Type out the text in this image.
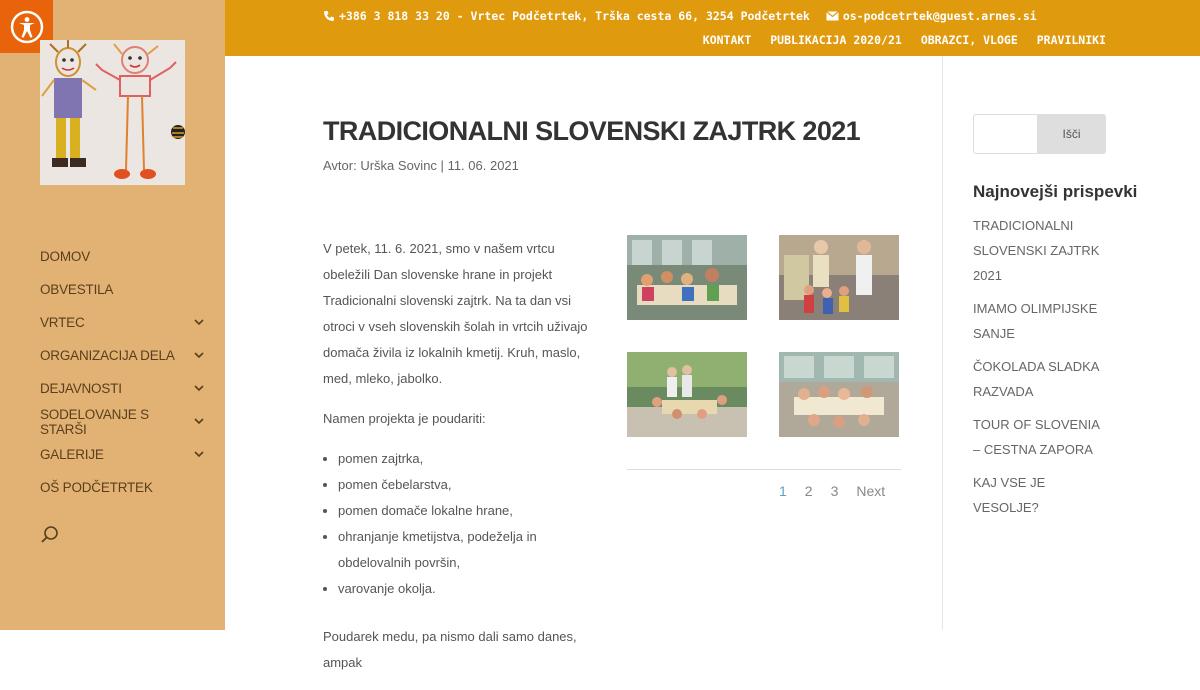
DOMOV
OBVESTILA
VRTEC
ORGANIZACIJA DELA
DEJAVNOSTI
SODELOVANJE S STARŠI
GALERIJE
OŠ PODČETRTEK
+386 3 818 33 20 - Vrtec Podčetrtek, Trška cesta 66, 3254 Podčetrtek	os-podcetrtek@guest.arnes.si
KONTAKT PUBLIKACIJA 2020/21 OBRAZCI, VLOGE PRAVILNIKI
TRADICIONALNI SLOVENSKI ZAJTRK 2021
Avtor: Urška Sovinc | 11. 06. 2021

V petek, 11. 6. 2021, smo v našem vrtcu obeležili Dan slovenske hrane in projekt Tradicionalni slovenski zajtrk. Na ta dan vsi otroci v vseh slovenskih šolah in vrtcih uživajo domača živila iz lokalnih kmetij. Kruh, maslo, med, mleko, jabolko.

Namen projekta je poudariti:

• pomen zajtrka,
• pomen čebelarstva,
• pomen domače lokalne hrane,
• ohranjanje kmetijstva, podeželja in obdelovalnih površin,
• varovanje okolja.

Poudarek medu, pa nismo dali samo danes, ampak

1 2 3 Next
Išči
Najnovejši prispevki
TRADICIONALNI SLOVENSKI ZAJTRK 2021
IMAMO OLIMPIJSKE SANJE
ČOKOLADA SLADKA RAZVADA
TOUR OF SLOVENIA – CESTNA ZAPORA
KAJ VSE JE VESOLJE?
